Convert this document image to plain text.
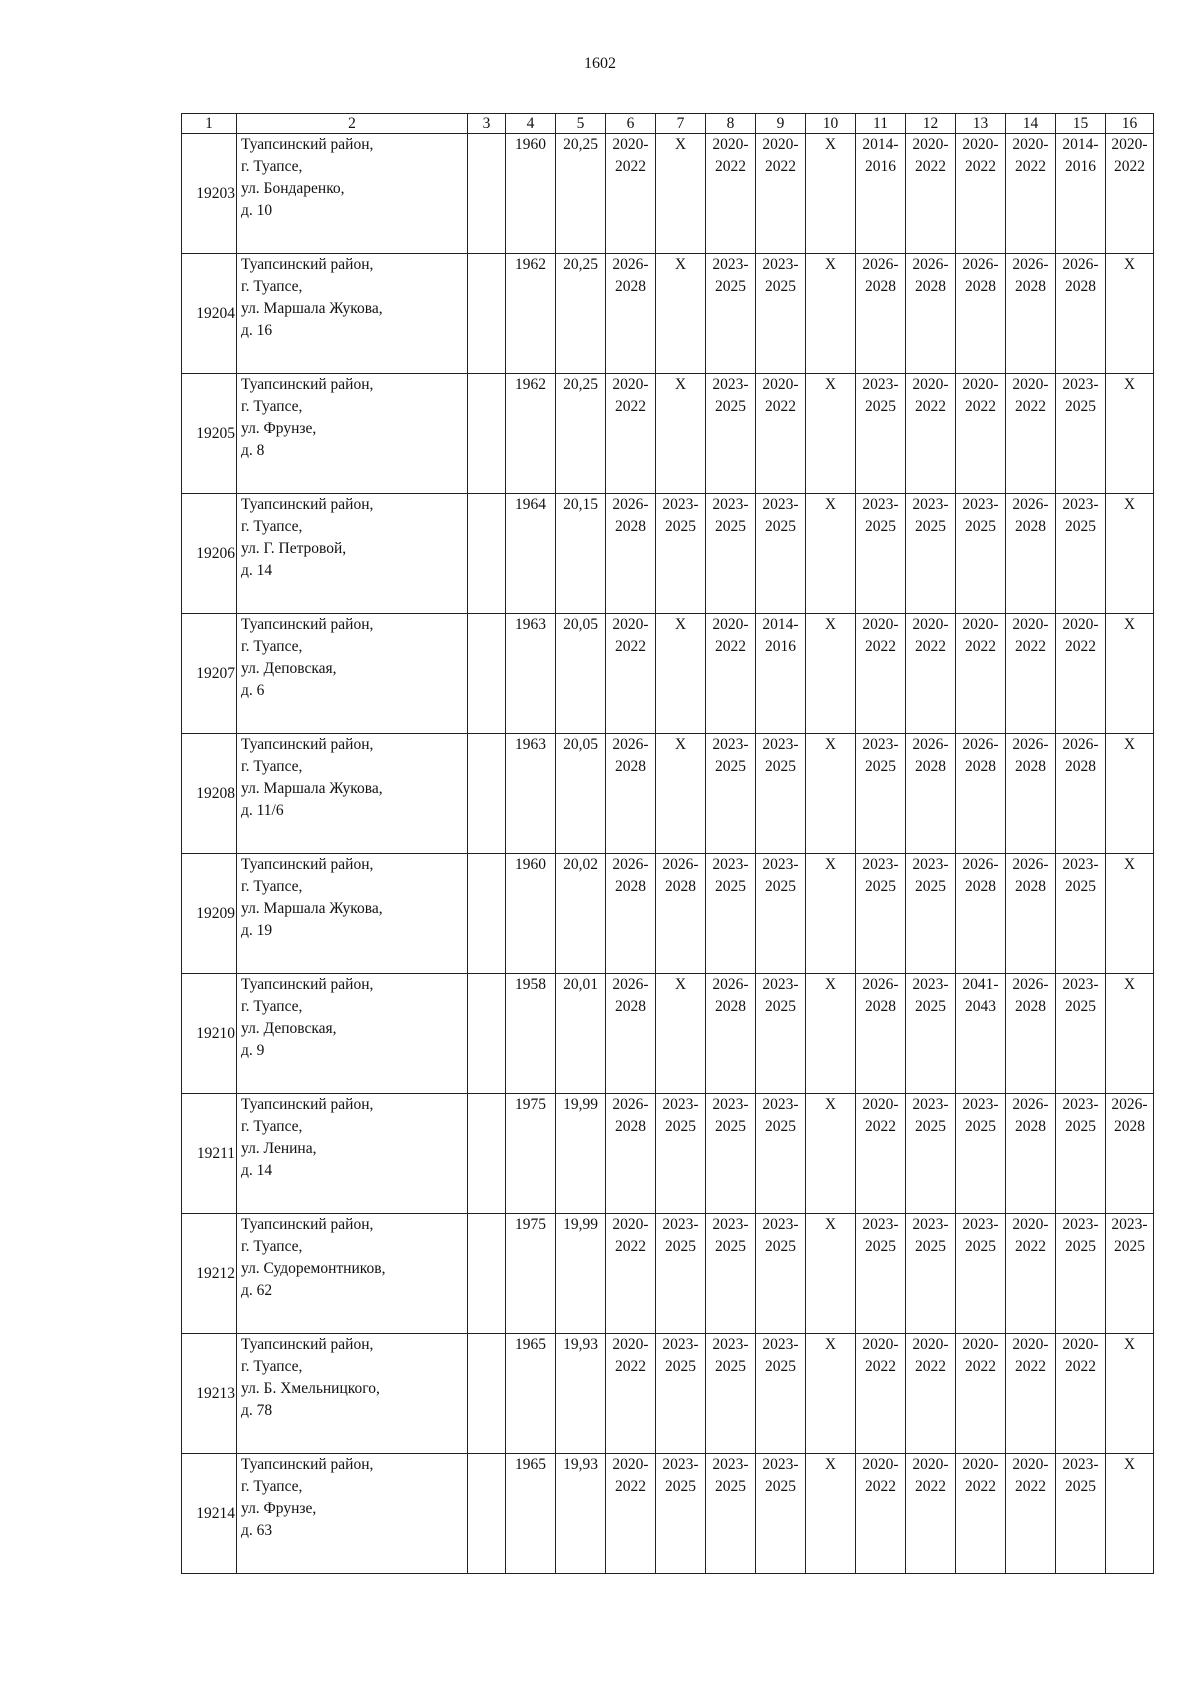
1602
1	2	3	4	5	6	7	8	9	10	11	12	13	14	15	16
19203	Туапсинский район,
г. Туапсе,
ул. Бондаренко,
д. 10		1960	20,25	2020-
2022	Х	2020-
2022	2020-
2022	Х	2014-
2016	2020-
2022	2020-
2022	2020-
2022	2014-
2016	2020-
2022

19204	Туапсинский район,
г. Туапсе,
ул. Маршала Жукова,
д. 16		1962	20,25	2026-
2028	Х	2023-
2025	2023-
2025	Х	2026-
2028	2026-
2028	2026-
2028	2026-
2028	2026-
2028	Х

19205	Туапсинский район,
г. Туапсе,
ул. Фрунзе,
д. 8		1962	20,25	2020-
2022	Х	2023-
2025	2020-
2022	Х	2023-
2025	2020-
2022	2020-
2022	2020-
2022	2023-
2025	Х

19206	Туапсинский район,
г. Туапсе,
ул. Г. Петровой,
д. 14		1964	20,15	2026-
2028	2023-
2025	2023-
2025	2023-
2025	Х	2023-
2025	2023-
2025	2023-
2025	2026-
2028	2023-
2025	Х

19207	Туапсинский район,
г. Туапсе,
ул. Деповская,
д. 6		1963	20,05	2020-
2022	Х	2020-
2022	2014-
2016	Х	2020-
2022	2020-
2022	2020-
2022	2020-
2022	2020-
2022	Х

19208	Туапсинский район,
г. Туапсе,
ул. Маршала Жукова,
д. 11/6		1963	20,05	2026-
2028	Х	2023-
2025	2023-
2025	Х	2023-
2025	2026-
2028	2026-
2028	2026-
2028	2026-
2028	Х

19209	Туапсинский район,
г. Туапсе,
ул. Маршала Жукова,
д. 19		1960	20,02	2026-
2028	2026-
2028	2023-
2025	2023-
2025	Х	2023-
2025	2023-
2025	2026-
2028	2026-
2028	2023-
2025	Х

19210	Туапсинский район,
г. Туапсе,
ул. Деповская,
д. 9		1958	20,01	2026-
2028	Х	2026-
2028	2023-
2025	Х	2026-
2028	2023-
2025	2041-
2043	2026-
2028	2023-
2025	Х

19211	Туапсинский район,
г. Туапсе,
ул. Ленина,
д. 14		1975	19,99	2026-
2028	2023-
2025	2023-
2025	2023-
2025	Х	2020-
2022	2023-
2025	2023-
2025	2026-
2028	2023-
2025	2026-
2028

19212	Туапсинский район,
г. Туапсе,
ул. Судоремонтников,
д. 62		1975	19,99	2020-
2022	2023-
2025	2023-
2025	2023-
2025	Х	2023-
2025	2023-
2025	2023-
2025	2020-
2022	2023-
2025	2023-
2025

19213	Туапсинский район,
г. Туапсе,
ул. Б. Хмельницкого,
д. 78		1965	19,93	2020-
2022	2023-
2025	2023-
2025	2023-
2025	Х	2020-
2022	2020-
2022	2020-
2022	2020-
2022	2020-
2022	Х

19214	Туапсинский район,
г. Туапсе,
ул. Фрунзе,
д. 63		1965	19,93	2020-
2022	2023-
2025	2023-
2025	2023-
2025	Х	2020-
2022	2020-
2022	2020-
2022	2020-
2022	2023-
2025	Х
